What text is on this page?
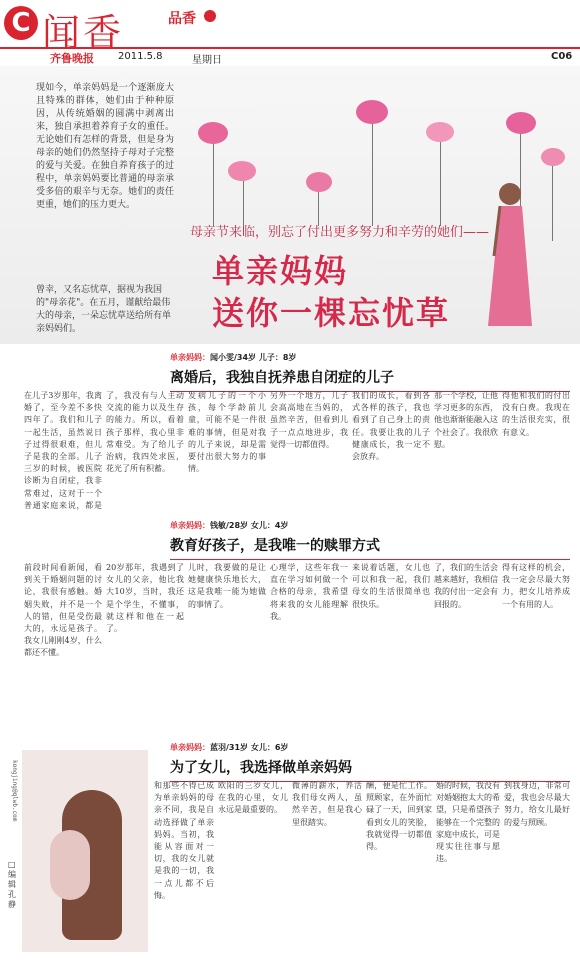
C 闻香	品香
齐鲁晚报 2011.5.8	星期日	C06
现如今，单亲妈妈是一个逐渐庞大且特殊的群体，她们由于种种原因，从传统婚姻的圆满中剥离出来，独自承担着养育子女的重任。无论她们有怎样的背景，但是身为母亲的她们仍然坚持子母对子完整的爱与关爱。在独自养育孩子的过程中，单亲妈妈要比普通的母亲承受多倍的艰辛与无奈。她们的责任更重，她们的压力更大。
曾幸，又名忘忧草，据视为我国的"母亲花"。在五月，谨献给最伟大的母亲，一朵忘忧草送给所有单亲妈妈们。
母亲节来临，别忘了付出更多努力和辛劳的她们——
单亲妈妈
送你一棵忘忧草
单亲妈妈：闻小雯/34岁 儿子：8岁
离婚后，我独自抚养患自闭症的儿子
在儿子3岁那年，我离婚了，至今差不多快四年了。我们和儿子一起生活，虽然说日子过得很艰难，但儿子是我的全部。儿子三岁的时候，被医院诊断为自闭症，我非常难过，这对于一个普通家庭来说，都是
了，我没有与人主动交流的能力以及生存的能力。所以，看着孩子那样，我心里非常难受。为了给儿子治病，我四处求医，花光了所有积蓄。
发病儿子的一个小孩，每个学龄前儿童，可能不是一件很难的事情，但是对我的儿子来说，却是需要付出很大努力的事情。
另外一个地方，儿子会高高地在当妈的，虽然辛苦，但看到儿子一点点地进步，我觉得一切都值得。
我们的成长，看到各式各样的孩子，我也看到了自己身上的责任。我要让我的儿子健康成长，我一定不会放弃。
那一个学校，让他学习更多的东西，他也渐渐能融入这个社会了。我很欣慰。
得他和我们的付出没有白费。我现在的生活很充实，很有意义。
单亲妈妈：钱敏/28岁 女儿：4岁
教育好孩子，是我唯一的赎罪方式
前段时间看新闻，看到关于婚姻问题的讨论，我很有感触。婚姻失败，并不是一个人的错，但是受伤最大的，永远是孩子。我女儿刚刚4岁，什么都还不懂。
20岁那年，我遇到了女儿的父亲，他比我大10岁，当时，我还是个学生，不懂事，就这样和他在一起了。
儿时，我要做的是让她健康快乐地长大，这是我唯一能为她做的事情了。
心理学，这些年我一直在学习如何做一个合格的母亲，我希望将来我的女儿能理解我。
来说着话题，女儿也可以和我一起，我们母女的生活很简单也很快乐。
了，我们的生活会越来越好，我相信我的付出一定会有回报的。
得有这样的机会，我一定会尽最大努力，把女儿培养成一个有用的人。
单亲妈妈：蓝羽/31岁 女儿：6岁
为了女儿，我选择做单亲妈妈
和那些不得已成为单亲妈妈的母亲不同，我是自动选择做了单亲妈妈。当初，我能从容面对一切，我的女儿就是我的一切，我一点儿都不后悔。
欧阳的三岁女儿，在我的心里，女儿永远是最重要的。
微薄的薪水，养活我们母女两人，虽然辛苦，但是我心里很踏实。
酬，便是忙工作。照顾家，在外面忙碌了一天，回到家看到女儿的笑脸，我就觉得一切都值得。
婚的时候，我没有对婚姻抱太大的希望，只是希望孩子能够在一个完整的家庭中成长，可是现实往往事与愿违。
到我身边，非常可爱，我也会尽最大努力，给女儿最好的爱与照顾。
kongjing@qlwb.com
□编辑 孔静
